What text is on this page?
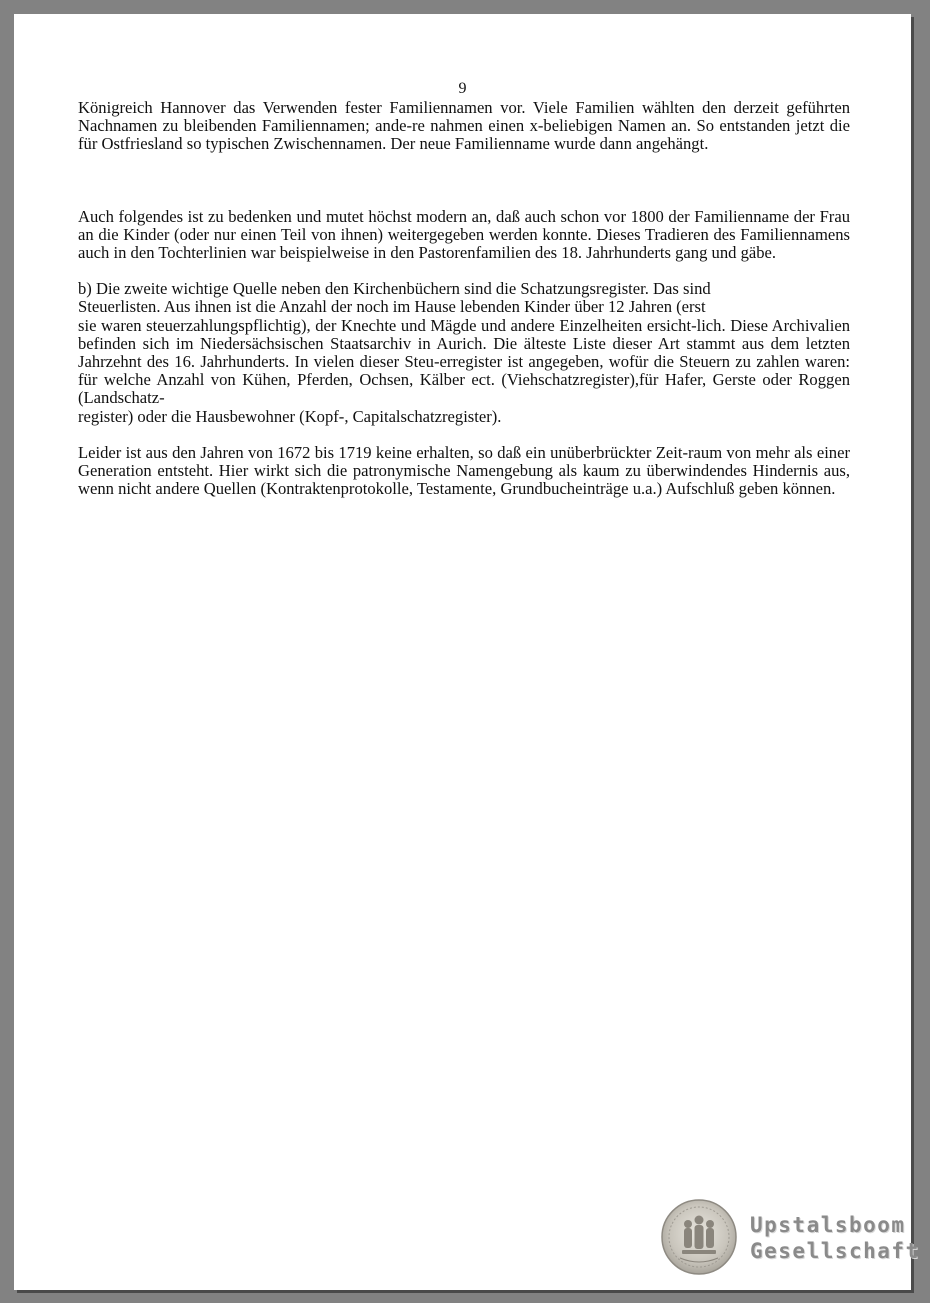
9

Königreich Hannover das Verwenden fester Familiennamen vor. Viele Familien wählten den derzeit geführten Nachnamen zu bleibenden Familiennamen; ande-re nahmen einen x-beliebigen Namen an. So entstanden jetzt die für Ostfriesland so typischen Zwischennamen. Der neue Familienname wurde dann angehängt.

Auch folgendes ist zu bedenken und mutet höchst modern an, daß auch schon vor 1800 der Familienname der Frau an die Kinder (oder nur einen Teil von ihnen) weitergegeben werden konnte. Dieses Tradieren des Familiennamens auch in den Tochterlinien war beispielweise in den Pastorenfamilien des 18. Jahrhunderts gang und gäbe.

b) Die zweite wichtige Quelle neben den Kirchenbüchern sind die Schatzungsregister. Das sind
Steuerlisten. Aus ihnen ist die Anzahl der noch im Hause lebenden Kinder über 12 Jahren (erst
sie waren steuerzahlungspflichtig), der Knechte und Mägde und andere Einzelheiten ersicht-lich. Diese Archivalien befinden sich im Niedersächsischen Staatsarchiv in Aurich. Die älteste Liste dieser Art stammt aus dem letzten Jahrzehnt des 16. Jahrhunderts. In vielen dieser Steu-erregister ist angegeben, wofür die Steuern zu zahlen waren: für welche Anzahl von Kühen, Pferden, Ochsen, Kälber ect. (Viehschatzregister),für Hafer, Gerste oder Roggen (Landschatz-
register) oder die Hausbewohner (Kopf-, Capitalschatzregister).

Leider ist aus den Jahren von 1672 bis 1719 keine erhalten, so daß ein unüberbrückter Zeit-raum von mehr als einer Generation entsteht. Hier wirkt sich die patronymische Namengebung als kaum zu überwindendes Hindernis aus, wenn nicht andere Quellen (Kontraktenprotokolle, Testamente, Grundbucheinträge u.a.) Aufschluß geben können.

Upstalsboom
Gesellschaft
